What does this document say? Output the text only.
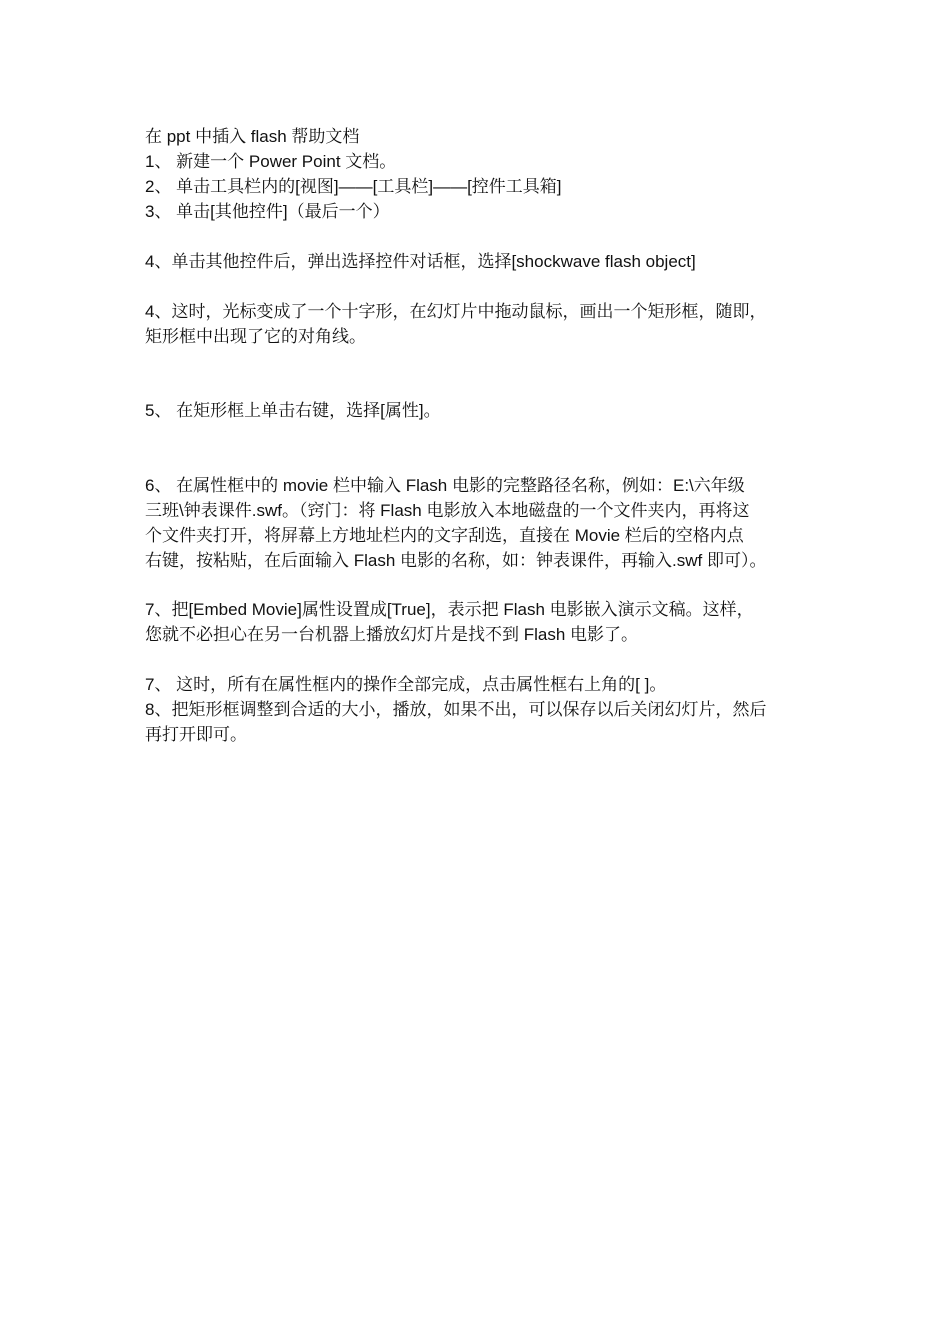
在 ppt 中插入 flash 帮助文档
1、 新建一个 Power Point 文档。
2、 单击工具栏内的[视图]——[工具栏]——[控件工具箱]
3、 单击[其他控件]（最后一个）
4、单击其他控件后，弹出选择控件对话框，选择[shockwave flash object]
4、这时，光标变成了一个十字形，在幻灯片中拖动鼠标，画出一个矩形框，随即，
矩形框中出现了它的对角线。
5、 在矩形框上单击右键，选择[属性]。
6、 在属性框中的 movie 栏中输入 Flash 电影的完整路径名称，例如：E:\六年级
三班\钟表课件.swf。（窍门：将 Flash 电影放入本地磁盘的一个文件夹内，再将这
个文件夹打开，将屏幕上方地址栏内的文字刮选，直接在 Movie 栏后的空格内点
右键，按粘贴，在后面输入 Flash 电影的名称，如：钟表课件，再输入.swf 即可）。
7、把[Embed Movie]属性设置成[True]，表示把 Flash 电影嵌入演示文稿。这样，
您就不必担心在另一台机器上播放幻灯片是找不到 Flash 电影了。
7、 这时，所有在属性框内的操作全部完成，点击属性框右上角的[ ]。
8、把矩形框调整到合适的大小，播放，如果不出，可以保存以后关闭幻灯片，然后
再打开即可。
